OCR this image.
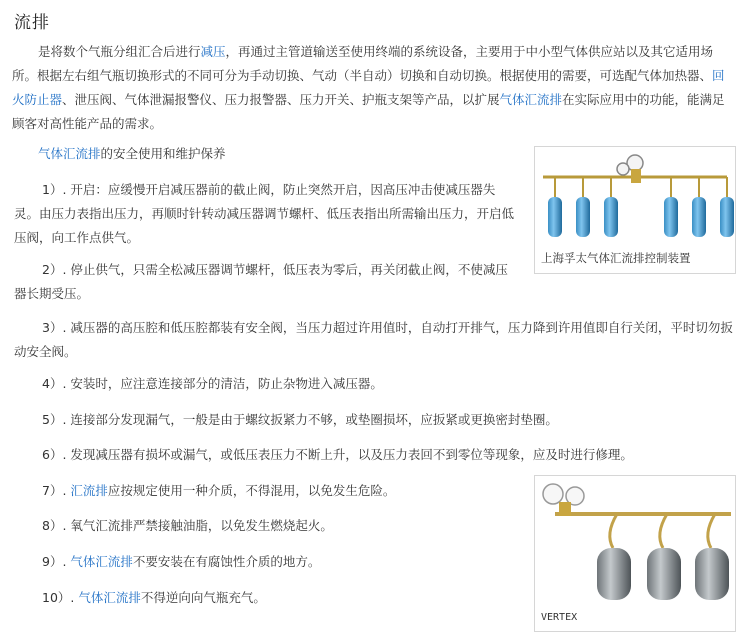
流排
是将数个气瓶分组汇合后进行减压，再通过主管道输送至使用终端的系统设备，主要用于中小型气体供应站以及其它适用场所。根据左右组气瓶切换形式的不同可分为手动切换、气动（半自动）切换和自动切换。根据使用的需要，可选配气体加热器、回火防止器、泄压阀、气体泄漏报警仪、压力报警器、压力开关、护瓶支架等产品，以扩展气体汇流排在实际应用中的功能，能满足顾客对高性能产品的需求。
气体汇流排的安全使用和维护保养
1）. 开启：应缓慢开启减压器前的截止阀，防止突然开启，因高压冲击使减压器失灵。由压力表指出压力，再顺时针转动减压器调节螺杆、低压表指出所需输出压力，开启低压阀，向工作点供气。
2）. 停止供气，只需全松减压器调节螺杆，低压表为零后，再关闭截止阀，不使减压器长期受压。
3）. 减压器的高压腔和低压腔都装有安全阀，当压力超过许用值时，自动打开排气，压力降到许用值即自行关闭，平时切勿扳动安全阀。
4）. 安装时，应注意连接部分的清洁，防止杂物进入减压器。
5）. 连接部分发现漏气，一般是由于螺纹扳紧力不够，或垫圈损坏，应扳紧或更换密封垫圈。
6）. 发现减压器有损坏或漏气，或低压表压力不断上升，以及压力表回不到零位等现象，应及时进行修理。
7）. 汇流排应按规定使用一种介质，不得混用，以免发生危险。
8）. 氧气汇流排严禁接触油脂，以免发生燃烧起火。
9）. 气体汇流排不要安装在有腐蚀性介质的地方。
10）. 气体汇流排不得逆向向气瓶充气。
上海孚太气体汇流排控制装置
VERTEX
